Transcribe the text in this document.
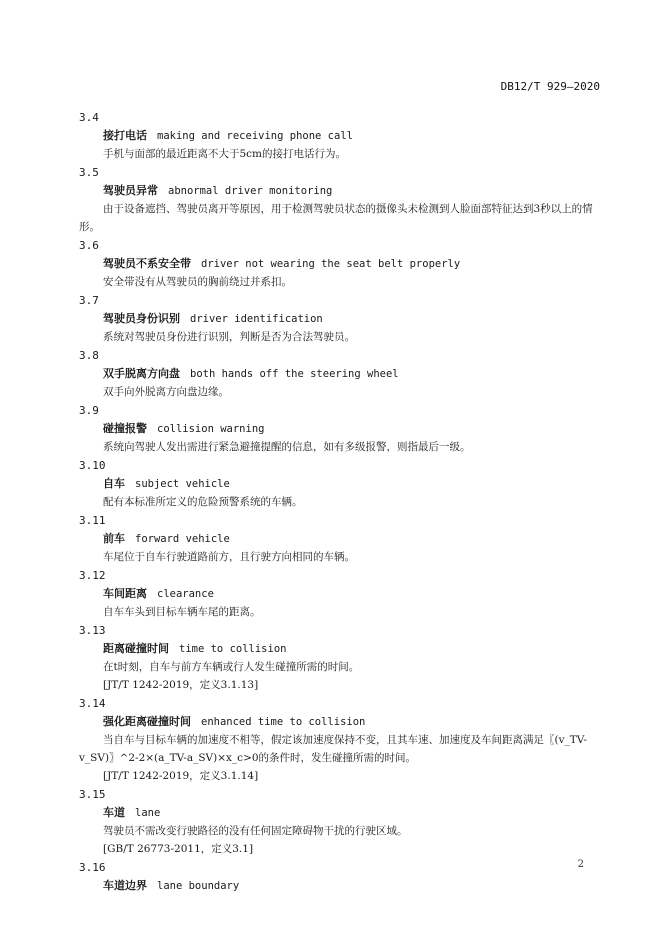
DB12/T 929—2020
3.4
接打电话 making and receiving phone call
手机与面部的最近距离不大于5cm的接打电话行为。
3.5
驾驶员异常 abnormal driver monitoring
由于设备遮挡、驾驶员离开等原因，用于检测驾驶员状态的摄像头未检测到人脸面部特征达到3秒以上的情形。
3.6
驾驶员不系安全带 driver not wearing the seat belt properly
安全带没有从驾驶员的胸前绕过并系扣。
3.7
驾驶员身份识别 driver identification
系统对驾驶员身份进行识别，判断是否为合法驾驶员。
3.8
双手脱离方向盘 both hands off the steering wheel
双手向外脱离方向盘边缘。
3.9
碰撞报警 collision warning
系统向驾驶人发出需进行紧急避撞提醒的信息，如有多级报警，则指最后一级。
3.10
自车 subject vehicle
配有本标准所定义的危险预警系统的车辆。
3.11
前车 forward vehicle
车尾位于自车行驶道路前方，且行驶方向相同的车辆。
3.12
车间距离 clearance
自车车头到目标车辆车尾的距离。
3.13
距离碰撞时间 time to collision
在t时刻，自车与前方车辆或行人发生碰撞所需的时间。
[JT/T 1242-2019，定义3.1.13]
3.14
强化距离碰撞时间 enhanced time to collision
当自车与目标车辆的加速度不相等，假定该加速度保持不变，且其车速、加速度及车间距离满足〖(v_TV-v_SV)〗^2-2×(a_TV-a_SV)×x_c>0的条件时，发生碰撞所需的时间。
[JT/T 1242-2019，定义3.1.14]
3.15
车道 lane
驾驶员不需改变行驶路径的没有任何固定障碍物干扰的行驶区域。
[GB/T 26773-2011，定义3.1]
3.16
车道边界 lane boundary
2
